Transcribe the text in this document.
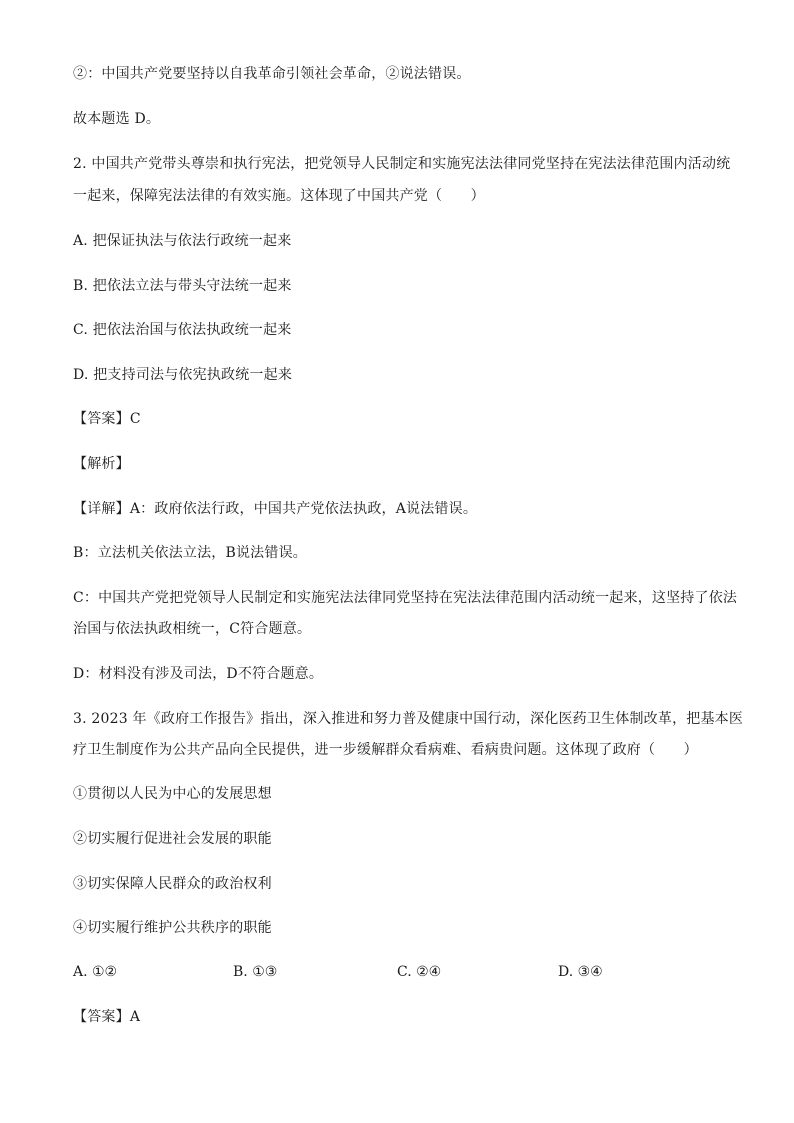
②：中国共产党要坚持以自我革命引领社会革命，②说法错误。
故本题选 D。
2. 中国共产党带头尊崇和执行宪法，把党领导人民制定和实施宪法法律同党坚持在宪法法律范围内活动统
一起来，保障宪法法律的有效实施。这体现了中国共产党（　　）
A. 把保证执法与依法行政统一起来
B. 把依法立法与带头守法统一起来
C. 把依法治国与依法执政统一起来
D. 把支持司法与依宪执政统一起来
【答案】C
【解析】
【详解】A：政府依法行政，中国共产党依法执政，A说法错误。
B：立法机关依法立法，B说法错误。
C：中国共产党把党领导人民制定和实施宪法法律同党坚持在宪法法律范围内活动统一起来，这坚持了依法
治国与依法执政相统一，C符合题意。
D：材料没有涉及司法，D不符合题意。
3. 2023 年《政府工作报告》指出，深入推进和努力普及健康中国行动，深化医药卫生体制改革，把基本医
疗卫生制度作为公共产品向全民提供，进一步缓解群众看病难、看病贵问题。这体现了政府（　　）
①贯彻以人民为中心的发展思想
②切实履行促进社会发展的职能
③切实保障人民群众的政治权利
④切实履行维护公共秩序的职能
A. ①②	B. ①③	C. ②④	D. ③④
【答案】A
